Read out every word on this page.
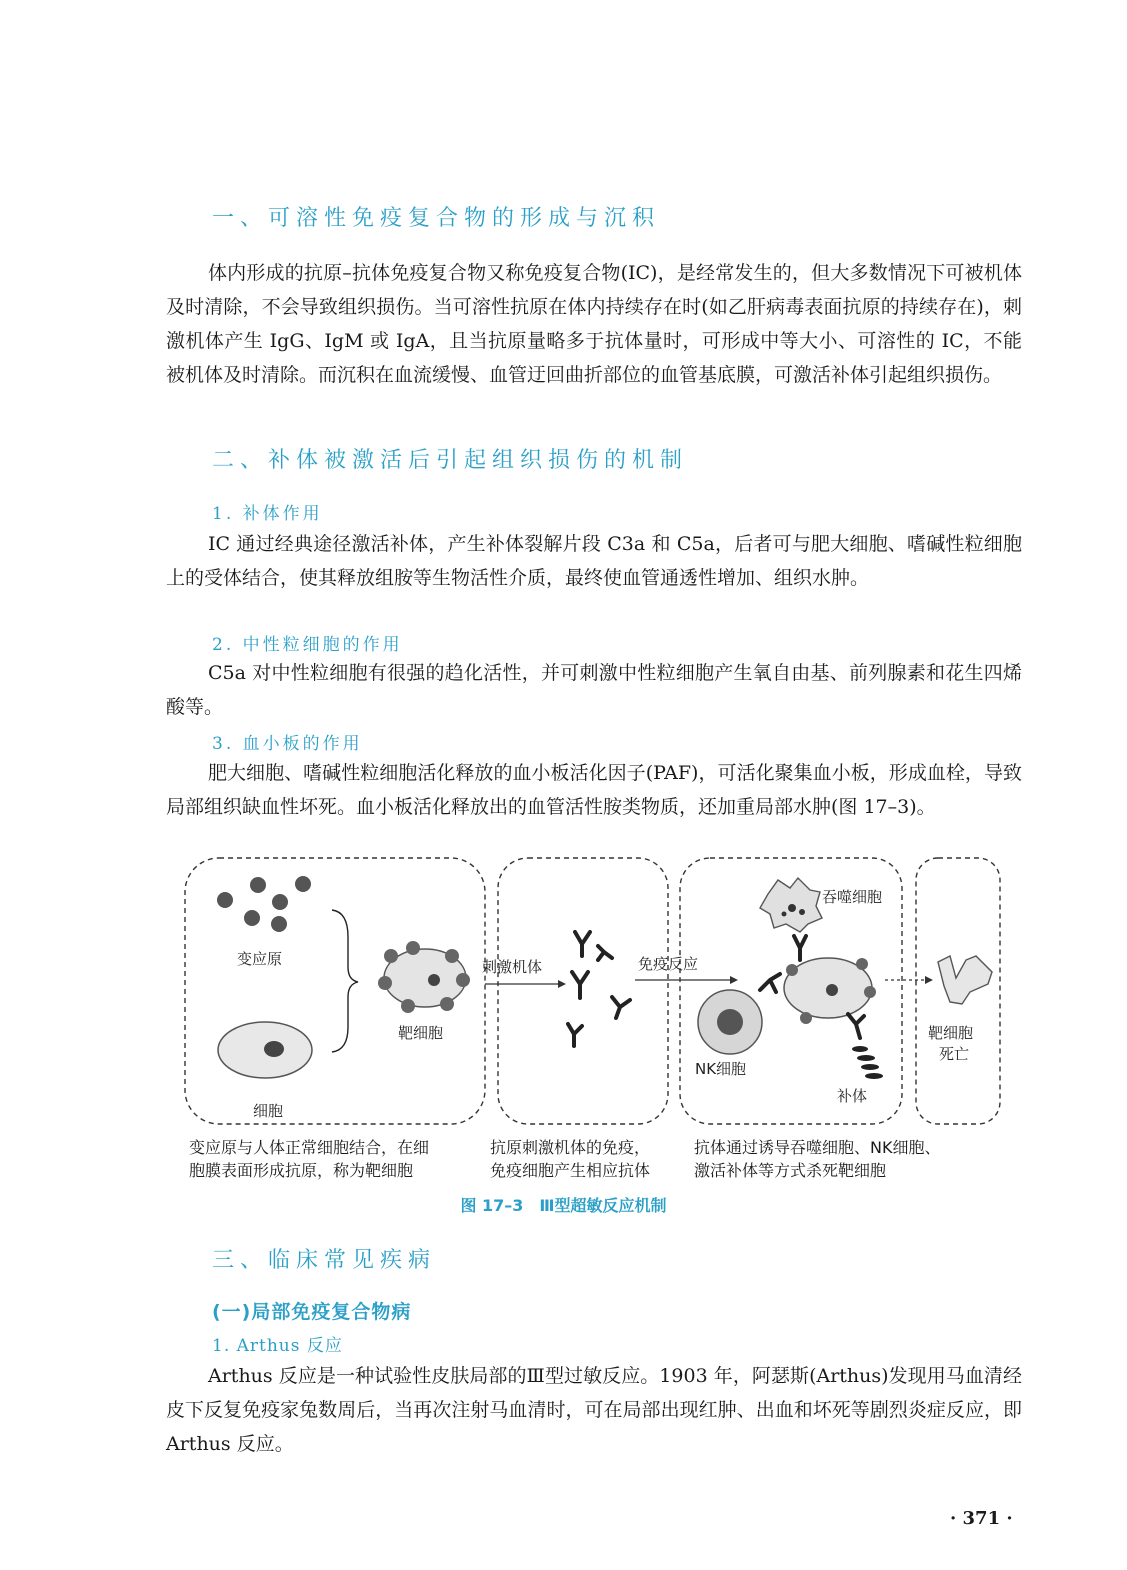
一、可溶性免疫复合物的形成与沉积

体内形成的抗原–抗体免疫复合物又称免疫复合物(IC)，是经常发生的，但大多数情况下可被机体及时清除，不会导致组织损伤。当可溶性抗原在体内持续存在时(如乙肝病毒表面抗原的持续存在)，刺激机体产生 IgG、IgM 或 IgA，且当抗原量略多于抗体量时，可形成中等大小、可溶性的 IC，不能被机体及时清除。而沉积在血流缓慢、血管迂回曲折部位的血管基底膜，可激活补体引起组织损伤。

二、补体被激活后引起组织损伤的机制
1. 补体作用

IC 通过经典途径激活补体，产生补体裂解片段 C3a 和 C5a，后者可与肥大细胞、嗜碱性粒细胞上的受体结合，使其释放组胺等生物活性介质，最终使血管通透性增加、组织水肿。

2. 中性粒细胞的作用

C5a 对中性粒细胞有很强的趋化活性，并可刺激中性粒细胞产生氧自由基、前列腺素和花生四烯酸等。

3. 血小板的作用

肥大细胞、嗜碱性粒细胞活化释放的血小板活化因子(PAF)，可活化聚集血小板，形成血栓，导致局部组织缺血性坏死。血小板活化释放出的血管活性胺类物质，还加重局部水肿(图 17–3)。

变应原
细胞
靶细胞
刺激机体	免疫反应
吞噬细胞
NK细胞
补体
靶细胞
死亡
变应原与人体正常细胞结合，在细
胞膜表面形成抗原，称为靶细胞
抗原刺激机体的免疫，
免疫细胞产生相应抗体
抗体通过诱导吞噬细胞、NK细胞、
激活补体等方式杀死靶细胞
图 17–3　Ⅲ型超敏反应机制
三、临床常见疾病
(一)局部免疫复合物病
1. Arthus 反应

Arthus 反应是一种试验性皮肤局部的Ⅲ型过敏反应。1903 年，阿瑟斯(Arthus)发现用马血清经皮下反复免疫家兔数周后，当再次注射马血清时，可在局部出现红肿、出血和坏死等剧烈炎症反应，即 Arthus 反应。

· 371 ·
